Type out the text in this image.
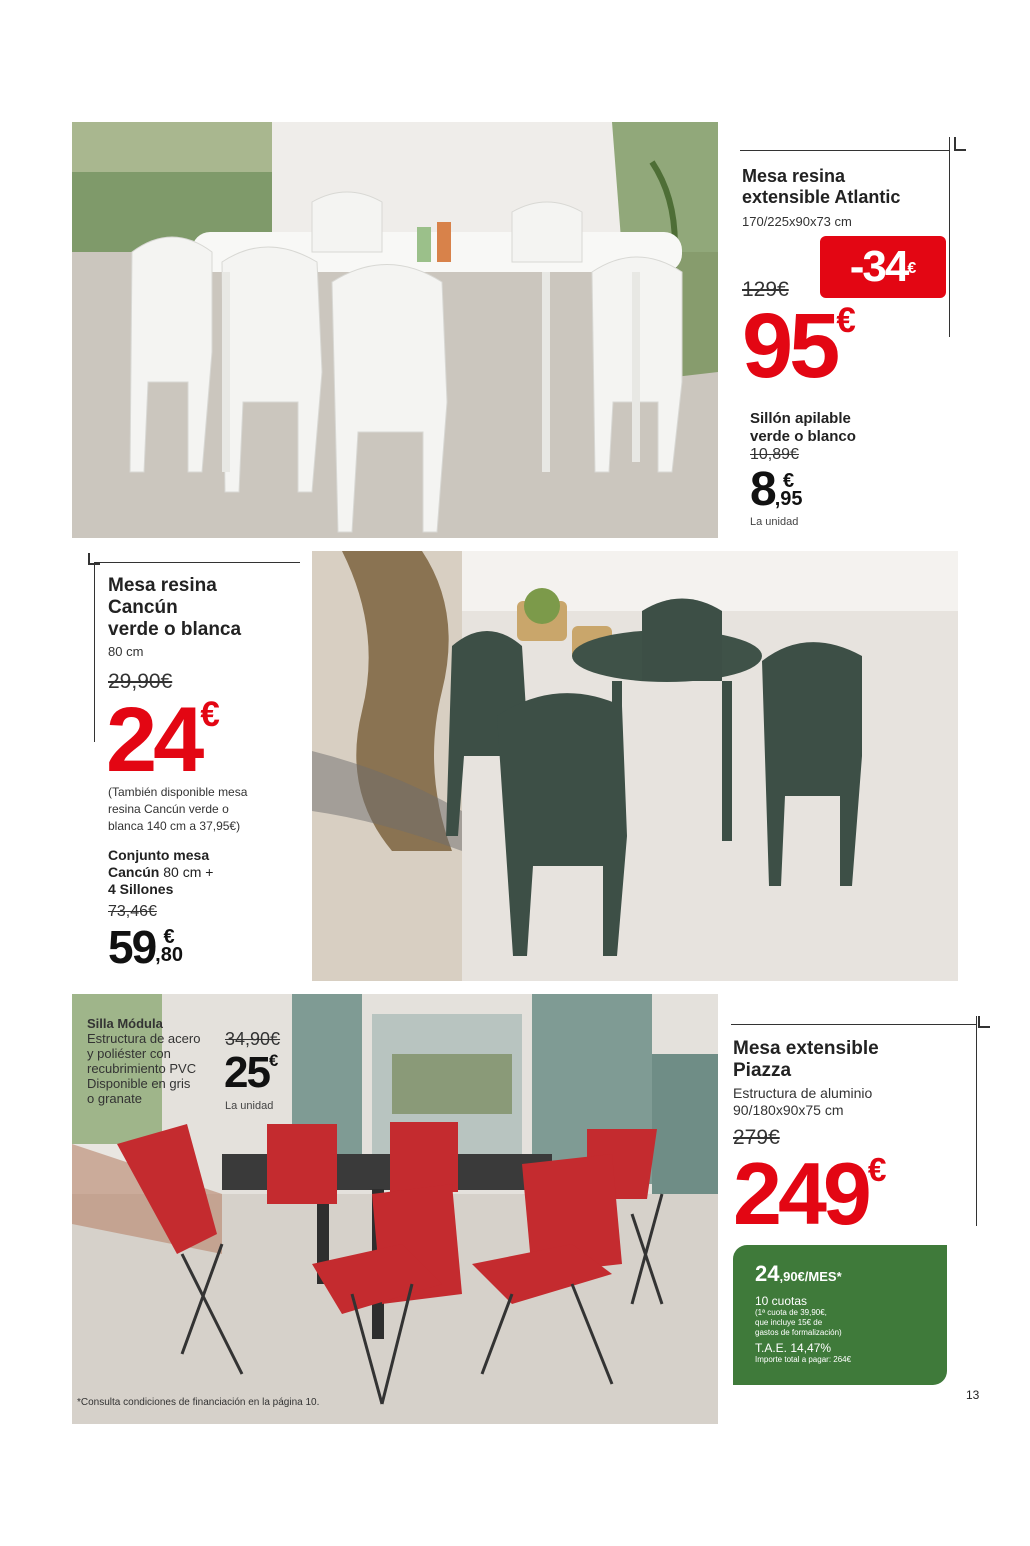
Mesa resina
extensible Atlantic
170/225x90x73 cm
129€	-34€
95€
Sillón apilable
verde o blanco
10,89€
8 €
,95
La unidad
Mesa resina
Cancún
verde o blanca
80 cm
29,90€
24€
(También disponible mesa
resina Cancún verde o
blanca 140 cm a 37,95€)
Conjunto mesa
Cancún 80 cm +
4 Sillones
73,46€
59 €
,80
Silla Módula
Estructura de acero
y poliéster con
recubrimiento PVC
Disponible en gris
o granate
34,90€
25€
La unidad
*Consulta condiciones de financiación en la página 10.
Mesa extensible
Piazza
Estructura de aluminio
90/180x90x75 cm
279€
249€
24,90€/MES*
10 cuotas
(1ª cuota de 39,90€,
que incluye 15€ de
gastos de formalización)
T.A.E. 14,47%
Importe total a pagar: 264€
13
